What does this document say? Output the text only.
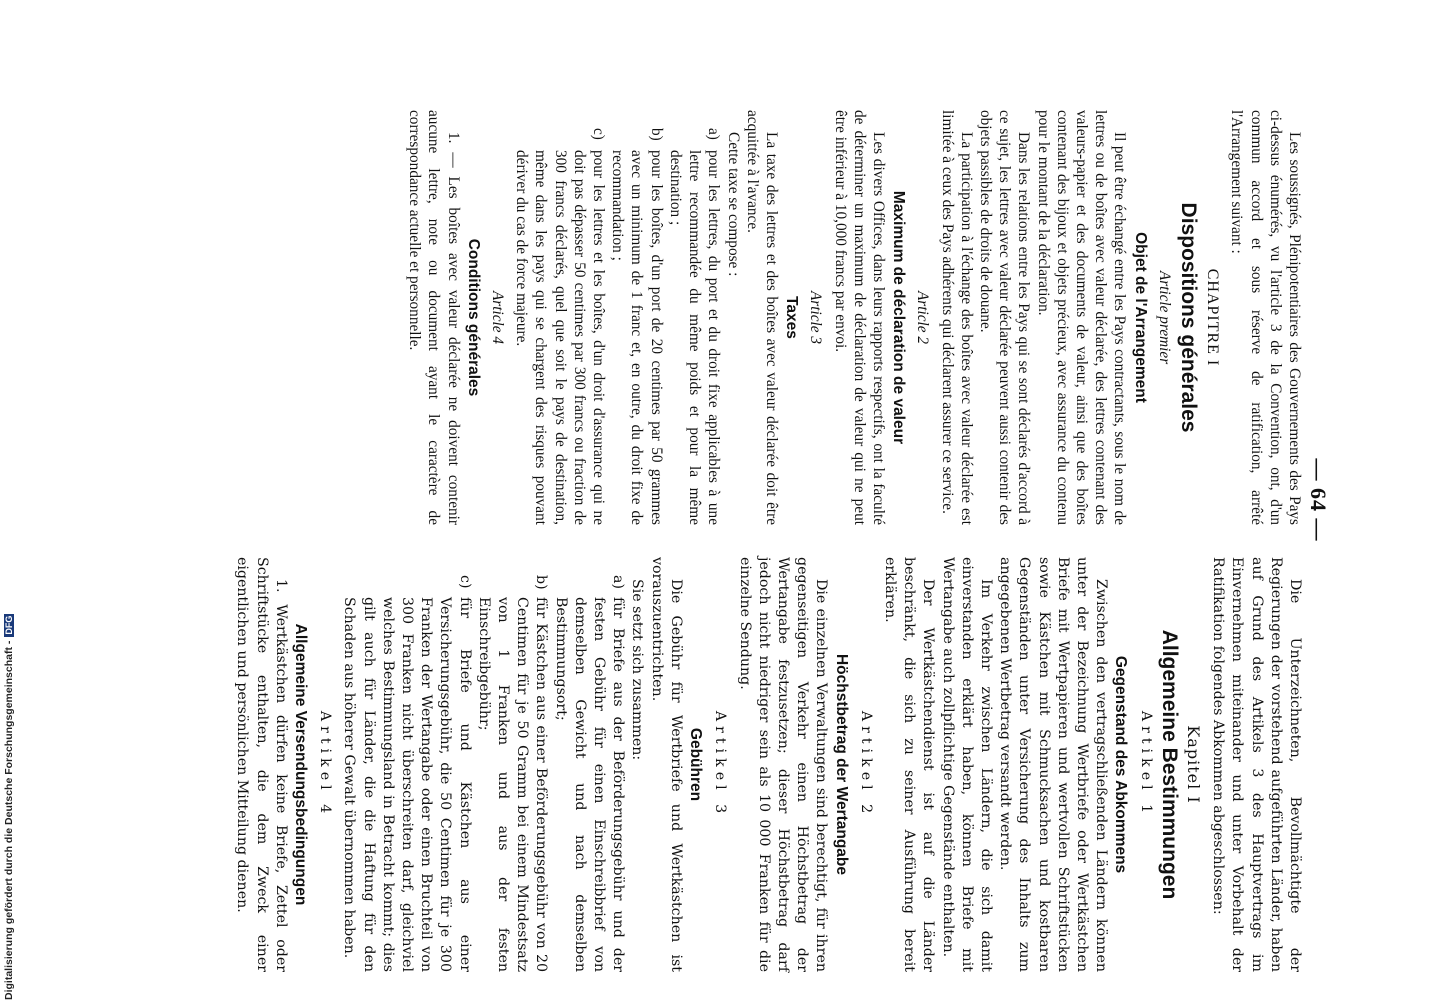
— 64 —

Les soussignés, Plénipotentiaires des Gouvernements des Pays ci-dessus énumérés, vu l'article 3 de la Convention, ont, d'un commun accord et sous réserve de ratification, arrêté l'Arrangement suivant :

CHAPITRE I

Dispositions générales

Article premier

Objet de l'Arrangement

Il peut être échangé entre les Pays contractants, sous le nom de lettres ou de boîtes avec valeur déclarée, des lettres contenant des valeurs-papier et des documents de valeur, ainsi que des boîtes contenant des bijoux et objets précieux, avec assurance du contenu pour le montant de la déclaration.

Dans les relations entre les Pays qui se sont déclarés d'accord à ce sujet, les lettres avec valeur déclarée peuvent aussi contenir des objets passibles de droits de douane.

La participation à l'échange des boîtes avec valeur déclarée est limitée à ceux des Pays adhérents qui déclarent assurer ce service.

Article 2

Maximum de déclaration de valeur

Les divers Offices, dans leurs rapports respectifs, ont la faculté de déterminer un maximum de déclaration de valeur qui ne peut être inférieur à 10,000 francs par envoi.

Article 3

Taxes

La taxe des lettres et des boîtes avec valeur déclarée doit être acquittée à l'avance.

Cette taxe se compose :

a)
pour les lettres, du port et du droit fixe applicables à une lettre recommandée du même poids et pour la même destination ;

b)
pour les boîtes, d'un port de 20 centimes par 50 grammes avec un minimum de 1 franc et, en outre, du droit fixe de recommandation ;

c)
pour les lettres et les boîtes, d'un droit d'assurance qui ne doit pas dépasser 50 centimes par 300 francs ou fraction de 300 francs déclarés, quel que soit le pays de destination, même dans les pays qui se chargent des risques pouvant dériver du cas de force majeure.

Article 4

Conditions générales

1. — Les boîtes avec valeur déclarée ne doivent contenir aucune lettre, note ou document ayant le caractère de correspondance actuelle et personnelle.

Die Unterzeichneten, Bevollmächtigte der Regierungen der vorstehend aufgeführten Länder, haben auf Grund des Artikels 3 des Hauptvertrags im Einvernehmen miteinander und unter Vorbehalt der Ratifikation folgendes Abkommen abgeschlossen:

Kapitel I

Allgemeine Bestimmungen

Artikel 1

Gegenstand des Abkommens

Zwischen den vertragschließenden Ländern können unter der Bezeichnung Wertbriefe oder Wertkästchen Briefe mit Wertpapieren und wertvollen Schriftstücken sowie Kästchen mit Schmucksachen und kostbaren Gegenständen unter Versicherung des Inhalts zum angegebenen Wertbetrag versandt werden.

Im Verkehr zwischen Ländern, die sich damit einverstanden erklärt haben, können Briefe mit Wertangabe auch zollpflichtige Gegenstände enthalten.

Der Wertkästchendienst ist auf die Länder beschränkt, die sich zu seiner Ausführung bereit erklären.

Artikel 2

Höchstbetrag der Wertangabe

Die einzelnen Verwaltungen sind berechtigt, für ihren gegenseitigen Verkehr einen Höchstbetrag der Wertangabe festzusetzen; dieser Höchstbetrag darf jedoch nicht niedriger sein als 10 000 Franken für die einzelne Sendung.

Artikel 3

Gebühren

Die Gebühr für Wertbriefe und Wertkästchen ist vorauszuentrichten.

Sie setzt sich zusammen:

a)
für Briefe aus der Beförderungsgebühr und der festen Gebühr für einen Einschreibbrief von demselben Gewicht und nach demselben Bestimmungsort;

b)
für Kästchen aus einer Beförderungsgebühr von 20 Centimen für je 50 Gramm bei einem Mindestsatz von 1 Franken und aus der festen Einschreibgebühr;

c)
für Briefe und Kästchen aus einer Versicherungsgebühr, die 50 Centimen für je 300 Franken der Wertangabe oder einen Bruchteil von 300 Franken nicht überschreiten darf, gleichviel welches Bestimmungsland in Betracht kommt; dies gilt auch für Länder, die die Haftung für den Schaden aus höherer Gewalt übernommen haben.

Artikel 4

Allgemeine Versendungsbedingungen

1. Wertkästchen dürfen keine Briefe, Zettel oder Schriftstücke enthalten, die dem Zweck einer eigentlichen und persönlichen Mitteilung dienen.

Digitalisierung gefördert durch die Deutsche Forschungsgemeinschaft -DFG
